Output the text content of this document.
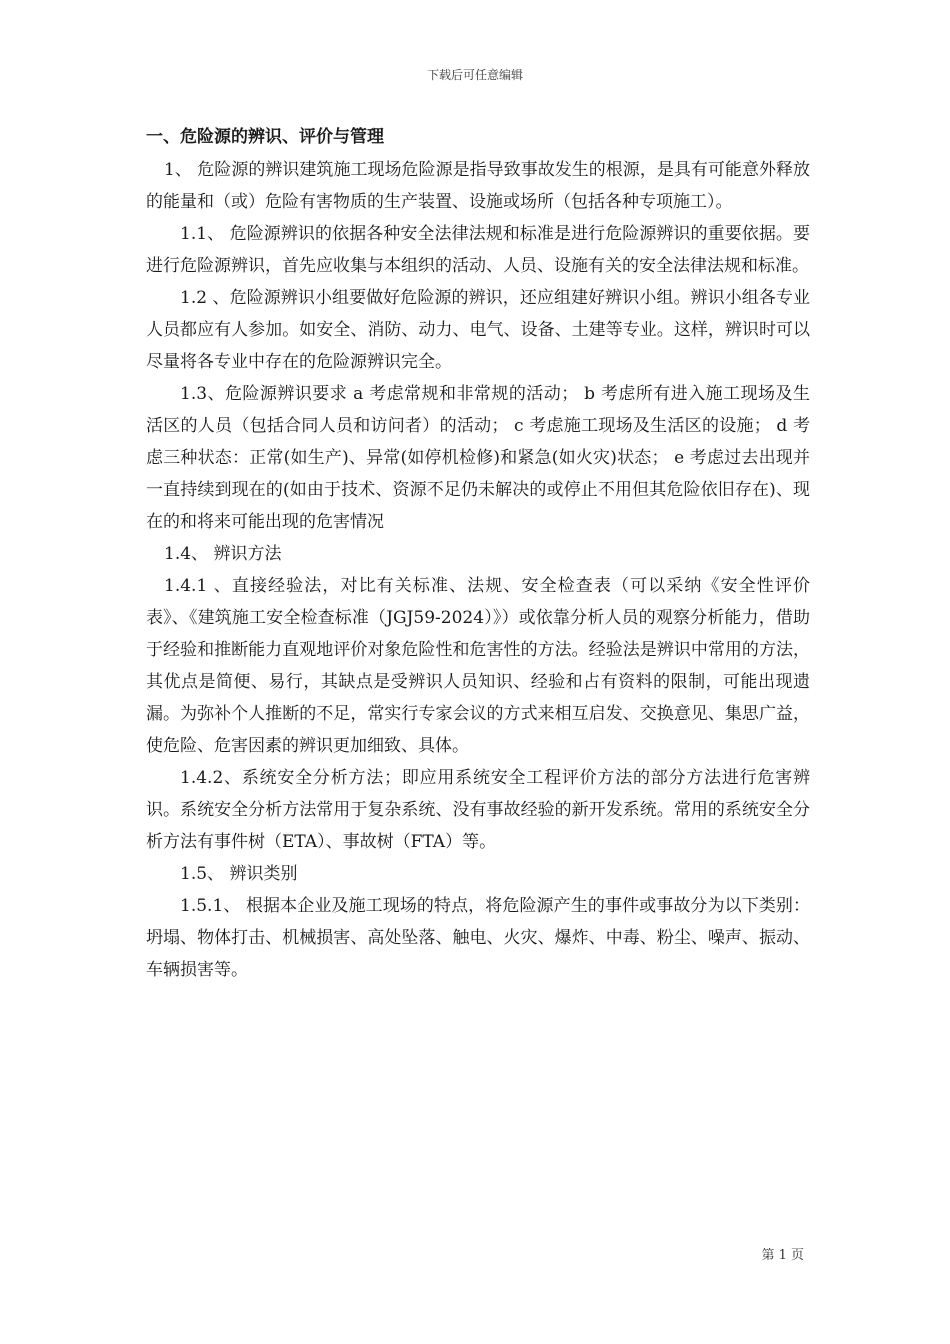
下载后可任意编辑
一、危险源的辨识、评价与管理

1、 危险源的辨识建筑施工现场危险源是指导致事故发生的根源，是具有可能意外释放的能量和（或）危险有害物质的生产装置、设施或场所（包括各种专项施工）。

1.1、 危险源辨识的依据各种安全法律法规和标准是进行危险源辨识的重要依据。要进行危险源辨识，首先应收集与本组织的活动、人员、设施有关的安全法律法规和标准。

1.2 、危险源辨识小组要做好危险源的辨识，还应组建好辨识小组。辨识小组各专业人员都应有人参加。如安全、消防、动力、电气、设备、土建等专业。这样，辨识时可以尽量将各专业中存在的危险源辨识完全。

1.3、危险源辨识要求 a 考虑常规和非常规的活动； b 考虑所有进入施工现场及生活区的人员（包括合同人员和访问者）的活动； c 考虑施工现场及生活区的设施； d 考虑三种状态：正常(如生产)、异常(如停机检修)和紧急(如火灾)状态； e 考虑过去出现并一直持续到现在的(如由于技术、资源不足仍未解决的或停止不用但其危险依旧存在)、现在的和将来可能出现的危害情况

1.4、 辨识方法

1.4.1 、直接经验法，对比有关标准、法规、安全检查表（可以采纳《安全性评价表》、《建筑施工安全检查标准（JGJ59-2024）》）或依靠分析人员的观察分析能力，借助于经验和推断能力直观地评价对象危险性和危害性的方法。经验法是辨识中常用的方法，其优点是简便、易行，其缺点是受辨识人员知识、经验和占有资料的限制，可能出现遗漏。为弥补个人推断的不足，常实行专家会议的方式来相互启发、交换意见、集思广益，使危险、危害因素的辨识更加细致、具体。

1.4.2、系统安全分析方法；即应用系统安全工程评价方法的部分方法进行危害辨识。系统安全分析方法常用于复杂系统、没有事故经验的新开发系统。常用的系统安全分析方法有事件树（ETA）、事故树（FTA）等。

1.5、 辨识类别

1.5.1、 根据本企业及施工现场的特点，将危险源产生的事件或事故分为以下类别：坍塌、物体打击、机械损害、高处坠落、触电、火灾、爆炸、中毒、粉尘、噪声、振动、车辆损害等。

第 1 页
